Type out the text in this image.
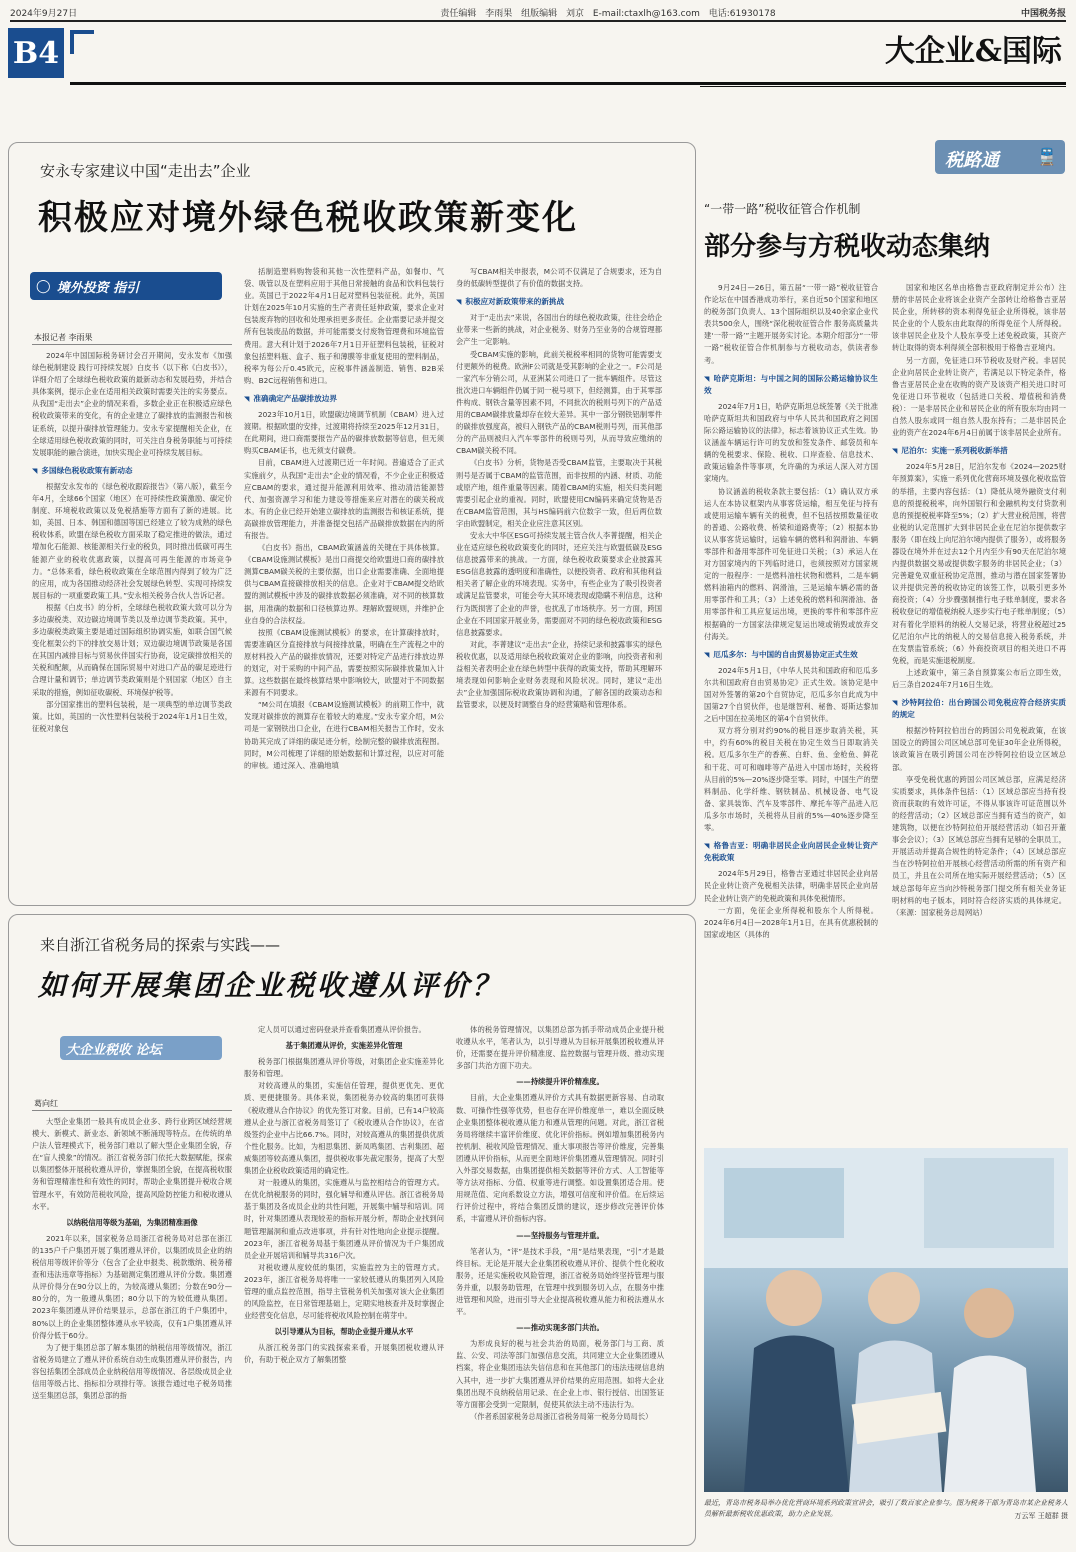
2024年9月27日	责任编辑 李雨果 组版编辑 刘京 E-mail:ctaxlh@163.com 电话:61930178	中国税务报
B4	大企业&国际
安永专家建议中国“走出去”企业
积极应对境外绿色税收政策新变化
◯ 境外投资 指引
本报记者 李雨果

2024年中国国际税务研讨会召开期间，安永发布《加强绿色税制建设 践行可持续发展》白皮书（以下称《白皮书》），详细介绍了全球绿色税收政策的最新动态和发展趋势，并结合具体案例，提示企业在适用相关政策时需要关注的实务要点。从我国“走出去”企业的情况来看，多数企业正在积极适应绿色税收政策带来的变化，有的企业建立了碳排放的监测报告和核证系统，以提升碳排放管理能力。安永专家提醒相关企业，在全球适用绿色税收政策的同时，可关注自身税务职能与可持续发展职能的融合演进，加快实现企业可持续发展目标。

◥ 多国绿色税收政策有新动态

根据安永发布的《绿色税收跟踪报告》（第八版），截至今年4月，全球66个国家（地区）在可持续性政策激励、碳定价制度、环境税收政策以及免税措施等方面有了新的进展。比如，美国、日本、韩国和德国等国已经建立了较为成熟的绿色税收体系，欧盟在绿色税收方面采取了稳定推进的做法，通过增加化石能源、核能源相关行业的税负，同时推出低碳可再生能源产业的税收优惠政策，以提高可再生能源的市场竞争力。“总体来看，绿色税收政策在全球范围内得到了较为广泛的应用，成为各国推动经济社会发展绿色转型、实现可持续发展目标的一项重要政策工具。”安永相关税务合伙人告诉记者。

根据《白皮书》的分析，全球绿色税收政策大致可以分为多边碳税类、双边碳边境调节类以及单边调节类政策。其中，多边碳税类政策主要是通过国际组织协调实施，如联合国气候变化框架公约下的排放交易计划；双边碳边境调节政策是各国在其国内减排目标与贸易伙伴国实行协商，设定碳排放相关的关税和配额，从而确保在国际贸易中对进口产品的碳足迹进行合理计量和调节；单边调节类政策则是个别国家（地区）自主采取的措施，例如征收碳税、环境保护税等。

部分国家推出的塑料包装税，是一项典型的单边调节类政策。比如，英国的一次性塑料包装税于2024年1月1日生效，征税对象包

括制造塑料购物袋和其他一次性塑料产品，如餐巾、气袋、吸管以及在塑料应用于其他日常接触的食品和饮料包装行业。英国已于2022年4月1日起对塑料包装征税。此外，英国计划在2025年10月实施的生产者责任延伸政策，要求企业对包装废弃物的回收和处理承担更多责任。企业需要记录并提交所有包装废品的数据，并可能需要支付废物管理费和环境监管费用。意大利计划于2026年7月1日开征塑料包装税，征税对象包括塑料瓶、盒子、瓶子和薄膜等非重复使用的塑料制品，税率为每公斤0.45欧元，应税事件涵盖制造、销售、B2B采购、B2C远程销售和进口。

◥ 准确确定产品碳排放边界

2023年10月1日，欧盟碳边境调节机制（CBAM）进入过渡期。根据欧盟的安排，过渡期将持续至2025年12月31日，在此期间，进口商需要报告产品的碳排放数据等信息，但无须购买CBAM证书，也无须支付碳费。

目前，CBAM进入过渡期已近一年时间。普遍适合了正式实施前夕，从我国“走出去”企业的情况看，不少企业正积极适应CBAM的要求，通过提升能源利用效率、推动清洁能源替代、加强资源学习和能力建设等措施来应对潜在的碳关税成本。有的企业已经开始建立碳排放的监测报告和核证系统，提高碳排放管理能力，并准备提交包括产品碳排放数据在内的所有报告。

《白皮书》指出，CBAM政策涵盖的关键在于具体核算。《CBAM设施测试模板》是出口商提交给欧盟进口商的碳排放测算CBAM碳关税的主要依据，出口企业需要准确、全面地提供与CBAM直接碳排放相关的信息。企业对于CBAM提交给欧盟的测试模板中涉及的碳排放数据必须准确，对不同的核算数据，用准确的数据和口径核算边界。理解欧盟规则，并维护企业自身的合法权益。

按照《CBAM设施测试模板》的要求，在计算碳排放时，需要准确区分直接排放与间接排放量，明确在生产流程之中的原材料投入产品的碳排放情况，还要对特定产品进行排放边界的划定，对于采购的中间产品，需要按照实际碳排放量加入计算。这些数据在最终核算结果中影响较大，欧盟对于不同数据来源有不同要求。

“M公司在填报《CBAM设施测试模板》的前期工作中，就发现对碳排放的测算存在着较大的难度。”安永专家介绍，M公司是一家钢铁出口企业，在进行CBAM相关报告工作时，安永协助其完成了详细的碳足迹分析，绘制完整的碳排放流程图。同时，M公司梳理了详细的原始数据和计算过程，以应对可能的审核。通过深入、准确地填

写CBAM相关申报表，M公司不仅满足了合规要求，还为自身的低碳转型提供了有价值的数据支持。

◥ 积极应对新政策带来的新挑战

对于“走出去”来说，各国出台的绿色税收政策，往往会给企业带来一些新的挑战，对企业税务、财务乃至业务的合规管理都会产生一定影响。

受CBAM实施的影响，此前关税税率相同的货物可能需要支付更额外的税费。欧洲F公司就是受其影响的企业之一。F公司是一家汽车分销公司，从亚洲某公司进口了一批车辆组件。尽管这批次进口车辆组件仍属于同一税号项下，但经测算，由于其零部件构成、钢铁含量等因素不同，不同批次的税则号列下的产品适用的CBAM碳排放量却存在较大差异。其中一部分钢铁铝制零件的碳排放强度高，被归入钢铁产品的CBAM税则号列，而其他部分的产品则被归入汽车零部件的税则号列，从而导致应缴纳的CBAM碳关税不同。

《白皮书》分析，货物是否受CBAM监管，主要取决于其税则号是否属于CBAM的监管范围，而非按照的内涵、材质、功能或原产地，组件重量等因素。随着CBAM的实施，相关归类问题需要引起企业的重视。同时，欧盟使用CN编码来确定货物是否在CBAM监管范围，其与HS编码前六位数字一致，但后两位数字由欧盟制定，相关企业应注意其区别。

安永大中华区ESG可持续发展主管合伙人李菁提醒，相关企业在适应绿色税收政策变化的同时，还应关注与欧盟低碳及ESG信息披露带来的挑战。一方面，绿色税收政策要求企业披露其ESG信息披露的透明度和准确性，以便投资者、政府和其他利益相关者了解企业的环境表现。实务中，有些企业为了吸引投资者或满足监管要求，可能会夸大其环境表现或隐瞒不利信息，这种行为既损害了企业的声誉，也扰乱了市场秩序。另一方面，跨国企业在不同国家开展业务，需要面对不同的绿色税收政策和ESG信息披露要求。

对此，李菁建议“走出去”企业，持续记录和披露事实的绿色税收优惠，以及适用绿色税收政策对企业的影响，向投资者和利益相关者表明企业在绿色转型中获得的政策支持，帮助其理解环境表现如何影响企业财务表现和风险状况。同时，建议“走出去”企业加强国际税收政策协调和沟通，了解各国的政策动态和监管要求，以便及时调整自身的经营策略和管理体系。

税路通 🚆
“一带一路”税收征管合作机制
部分参与方税收动态集纳

9月24日—26日，第五届“一带一路”税收征管合作论坛在中国香港成功举行，来自近50个国家和地区的税务部门负责人、13个国际组织以及40余家企业代表共500余人，围绕“深化税收征管合作 服务高质量共建‘一带一路’”主题开展务实讨论。本期介绍部分“一带一路”税收征管合作机制参与方税收动态，供读者参考。

◥ 哈萨克斯坦：与中国之间的国际公路运输协议生效

2024年7月1日，哈萨克斯坦总统签署《关于批准哈萨克斯坦共和国政府与中华人民共和国政府之间国际公路运输协议的法律》，标志着该协议正式生效。协议涵盖车辆运行许可的发放和签发条件、邮袋员和车辆的免税要求、保险、税收、口岸查验、信息技术、政策运输条件等事项，允许确的为承运人深入对方国家境内。

协议涵盖的税收条款主要包括：（1）确认双方承运人在本协议框架内从事客货运输，相互免征与持有或使用运输车辆有关的税费，但不包括按照数量征收的普通、公路收费、桥梁和道路费等；（2）根据本协议从事客货运输时，运输车辆的燃料和润滑油、车辆零部件和备用零部件可免征进口关税；（3）承运人在对方国家境内的下列临时进口，也须按照对方国家规定的一般程序：一是燃料油柱状物和燃料，二是车辆燃料油箱内的燃料、润滑油，三是运输车辆必需的备用零部件和工具；（3）上述免税的燃料和润滑油、备用零部件和工具应复运出境，更换的零件和零部件应根据确的一方国家法律规定复运出境或销毁或放弃交付海关。

◥ 厄瓜多尔：与中国的自由贸易协定正式生效

2024年5月1日，《中华人民共和国政府和厄瓜多尔共和国政府自由贸易协定》正式生效。该协定是中国对外签署的第20个自贸协定，厄瓜多尔自此成为中国第27个自贸伙伴，也是继智利、秘鲁、哥斯达黎加之后中国在拉美地区的第4个自贸伙伴。

双方将分别对约90%的税目逐步取消关税，其中，约有60%的税目关税在协定生效当日即取消关税。厄瓜多尔生产的香蕉、白虾、鱼、金枪鱼、鲜花和干花、可可和咖啡等产品进入中国市场时，关税将从目前的5%—20%逐步降至零。同时，中国生产的塑料制品、化学纤维、钢铁制品、机械设备、电气设备、家具装饰、汽车及零部件、摩托车等产品进入厄瓜多尔市场时，关税将从目前的5%—40%逐步降至零。

◥ 格鲁吉亚：明确非居民企业向居民企业转让资产免税政策

2024年5月29日，格鲁吉亚通过非居民企业向居民企业转让资产免税相关法律，明确非居民企业向居民企业转让资产的免税政策和具体免税情形。

一方面，免征企业所得税和股东个人所得税。2024年6月4日—2028年1月1日，在具有优惠税制的国家或地区（具体的

国家和地区名单由格鲁吉亚政府制定并公布）注册的非居民企业将该企业资产全部转让给格鲁吉亚居民企业，所转移的资本利得免征企业所得税，该非居民企业的个人股东由此取得的所得免征个人所得税。该非居民企业及个人股东享受上述免税政策，其资产转让取得的资本利得须全部积极用于格鲁吉亚境内。

另一方面，免征进口环节税收及财产税。非居民企业向居民企业转让资产，若满足以下特定条件，格鲁吉亚居民企业在收购的资产及该资产相关进口时可免征进口环节税收（包括进口关税、增值税和消费税）：一是非居民企业和居民企业的所有股东均由同一自然人股东或同一组自然人股东持有；二是非居民企业的资产在2024年6月4日前属于该非居民企业所有。

◥ 尼泊尔：实施一系列税收新举措

2024年5月28日，尼泊尔发布《2024—2025财年预算案》，实施一系列优化营商环境及强化税收监管的举措，主要内容包括：（1）降低从境外融资支付利息的预提税税率，向外国银行和金融机构支付贷款利息的预提税税率降至5%；（2）扩大营业税范围，将营业税的认定范围扩大到非居民企业在尼泊尔提供数字服务（即在线上向尼泊尔境内提供了服务），或将服务器设在境外并在过去12个月内至少有90天在尼泊尔境内提供数据交易或提供数字服务的非居民企业；（3）完善避免双重征税协定范围，推动与潜在国家签署协议并提供完善的税收协定的该签工作，以吸引更多外商投资；（4）分步骤强制推行电子账单制度，要求各税收登记的增值税纳税人逐步实行电子账单制度；（5）对有着化学原料的纳税人交易记录，将营业税超过25亿尼泊尔卢比的纳税人的交易信息接入税务系统，并在发票监管系统；（6）外商投资项目的相关进口不再免税，而是实施退税制度。

上述政策中，第三条自预算案公布后立即生效，后三条自2024年7月16日生效。

◥ 沙特阿拉伯：出台跨国公司免税应符合经济实质的规定

根据沙特阿拉伯出台的跨国公司免税政策，在该国设立的跨国公司区域总部可免征30年企业所得税，该政策旨在吸引跨国公司在沙特阿拉伯设立区域总部。

享受免税优惠的跨国公司区域总部，应满足经济实质要求，具体条件包括：（1）区域总部应当持有投资而获取的有效许可证，不得从事该许可证范围以外的经营活动；（2）区域总部应当拥有适当的资产，如建筑物，以便在沙特阿拉伯开展经营活动（如召开董事会会议）；（3）区域总部应当拥有足够的全职员工，开展活动并提高合规性的特定条件；（4）区域总部应当在沙特阿拉伯开展核心经营活动所需的所有资产和员工，并且在公司所在地实际开展经营活动；（5）区域总部每年应当向沙特税务部门提交所有相关业务证明材料的电子版本，同时符合经济实质的具体规定。（来源：国家税务总局网站）

来自浙江省税务局的探索与实践——
如何开展集团企业税收遵从评价？
大企业税收 论坛
葛向红

大型企业集团一般具有成员企业多、跨行业跨区域经营规模大、新模式、新业态、新领域不断涌现等特点。在传统的单户法人管理模式下，税务部门难以了解大型企业集团全貌，存在“盲人摸象”的情况。浙江省税务部门依托大数据赋能，探索以集团整体开展税收遵从评价，掌握集团全貌，在提高税收服务和管理精准性和有效性的同时，帮助企业集团提升税收合规管理水平，有效防范税收风险，提高风险防控能力和税收遵从水平。

以纳税信用等级为基础，为集团精准画像

2021年以来，国家税务总局浙江省税务局对总部在浙江的135户千户集团开展了集团遵从评价，以集团成员企业的纳税信用等级评价等分（包含了企业申报类、税款缴纳、税务稽查和违法违章等指标）为基础测定集团遵从评价分数。集团遵从评价得分在90分以上的，为较高遵从集团；分数在90分—80分的，为一般遵从集团；80分以下的为较低遵从集团。2023年集团遵从评价结果显示，总部在浙江的千户集团中，80%以上的企业集团整体遵从水平较高，仅有1户集团遵从评价得分低于60分。

为了便于集团总部了解本集团的纳税信用等级情况，浙江省税务局建立了遵从评价系统自动生成集团遵从评价报告，内容包括集团全部成员企业纳税信用等级情况、各层级成员企业信用等级占比、指标扣分项排行等。该报告通过电子税务局推送至集团总部，集团总部的指

定人员可以通过密码登录并查看集团遵从评价报告。

基于集团遵从评价，实施差异化管理

税务部门根据集团遵从评价等级，对集团企业实施差异化服务和管理。

对较高遵从的集团，实施信任管理，提供更优先、更优质、更便捷服务。具体来说，集团税务办较高的集团可获得《税收遵从合作协议》的优先签订对象。目前，已有14户较高遵从企业与浙江省税务局签订了《税收遵从合作协议》，在省级签约企业中占比66.7%。同时，对较高遵从的集团提供优质个性化服务。比如，为相思集团、新凤鸣集团、吉利集团、超威集团等较高遵从集团，提供税收事先裁定服务，提高了大型集团企业税收政策适用的确定性。

对一般遵从的集团，实施遵从与监控相结合的管理方式。在优化纳税服务的同时，强化辅导和遵从评估。浙江省税务局基于集团及各成员企业的共性问题，开展集中辅导和培训。同时，针对集团遵从表现较差的指标开展分析，帮助企业找到问题管理漏洞和重点改进事项，并有针对性地向企业提示提醒。2023年，浙江省税务局基于集团遵从评价情况为千户集团成员企业开展培训和辅导共316户次。

对税收遵从度较低的集团，实施监控为主的管理方式。2023年，浙江省税务局将唯一一家较低遵从的集团列入风险管理的重点监控范围，指导主管税务机关加强对该大企业集团的风险监控，在日常管理基础上，定期实地核查并及时掌握企业经营变化信息，尽可能将税收风险控制在萌芽中。

以引导遵从为目标，帮助企业提升遵从水平

从浙江税务部门的实践探索来看，开展集团税收遵从评价，有助于税企双方了解集团整

体的税务管理情况，以集团总部为抓手带动成员企业提升税收遵从水平，笔者认为，以引导遵从为目标开展集团税收遵从评价，还需要在提升评价精准度、监控数据与管理升级、推动实现多部门共治方面下功夫。

——持续提升评价精准度。

目前，大企业集团遵从评价方式具有数据更新容易、自动取数、可操作性强等优势，但也存在评价维度单一，难以全面反映企业集团整体税收遵从能力和遵从管理的问题。对此，浙江省税务局将继续丰富评价维度、优化评价指标。例如增加集团税务内控机制、税收风险管理情况、重大事项报告等评价维度，完善集团遵从评价指标，从而更全面地评价集团遵从管理情况。同时引入外部交易数据，由集团提供相关数据等评价方式、人工智能等等方法对指标、分值、权重等进行调整。如设置集团适合用。使用规范值、定向系数设立方法，增强可信度和评价值。在后续运行评价过程中，将结合集团反馈的建议，逐步修改完善评价体系，丰富遵从评价指标内容。

——坚持服务与管理并重。

笔者认为，“评”是技术手段，“用”是结果表现，“引”才是最终目标。无论是开展大企业集团税收遵从评价、提供个性化税收服务，还是实施税收风险管理，浙江省税务局始终坚持管理与服务并重，以服务助管理，在管理中找到服务切入点，在服务中推进管理和风险，进而引导大企业提高税收遵从能力和税法遵从水平。

——推动实现多部门共治。

为形成良好的税与社会共治的局面，税务部门与工商、质监、公安、司法等部门加强信息交流，共同建立大企业集团遵从档案，将企业集团违法失信信息和在其他部门的违法违规信息纳入其中，进一步扩大集团遵从评价结果的应用范围。如将大企业集团出现不良纳税信用记录、在企业上市、银行授信、出国签证等方面都会受到一定限制，促使其依法主动不违法行为。

（作者系国家税务总局浙江省税务局第一税务分局局长）

最近，青岛市税务局举办优化营商环境系列政策宣讲会，吸引了数百家企业参与。图为税务干部为青岛市某企业税务人员解析最新税收优惠政策，助力企业发展。	万云军 王超群 摄
